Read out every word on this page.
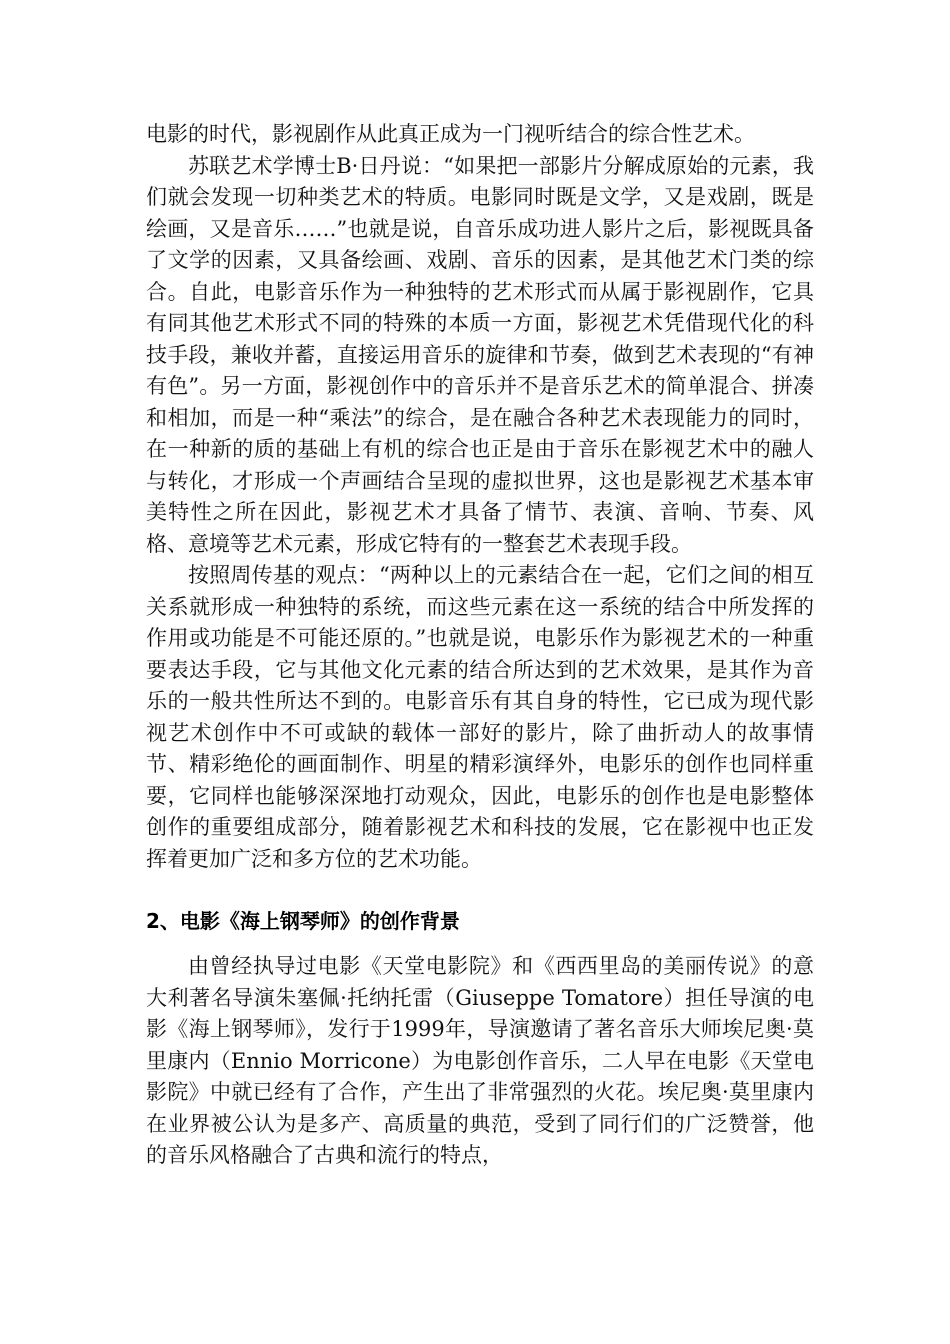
电影的时代，影视剧作从此真正成为一门视听结合的综合性艺术。

苏联艺术学博士B·日丹说：“如果把一部影片分解成原始的元素，我们就会发现一切种类艺术的特质。电影同时既是文学，又是戏剧，既是绘画，又是音乐……”也就是说，自音乐成功进人影片之后，影视既具备了文学的因素，又具备绘画、戏剧、音乐的因素，是其他艺术门类的综合。自此，电影音乐作为一种独特的艺术形式而从属于影视剧作，它具有同其他艺术形式不同的特殊的本质一方面，影视艺术凭借现代化的科技手段，兼收并蓄，直接运用音乐的旋律和节奏，做到艺术表现的“有神有色”。另一方面，影视创作中的音乐并不是音乐艺术的简单混合、拼凑和相加，而是一种“乘法”的综合，是在融合各种艺术表现能力的同时，在一种新的质的基础上有机的综合也正是由于音乐在影视艺术中的融人与转化，才形成一个声画结合呈现的虚拟世界，这也是影视艺术基本审美特性之所在因此，影视艺术才具备了情节、表演、音响、节奏、风格、意境等艺术元素，形成它特有的一整套艺术表现手段。

按照周传基的观点：“两种以上的元素结合在一起，它们之间的相互关系就形成一种独特的系统，而这些元素在这一系统的结合中所发挥的作用或功能是不可能还原的。”也就是说，电影乐作为影视艺术的一种重要表达手段，它与其他文化元素的结合所达到的艺术效果，是其作为音乐的一般共性所达不到的。电影音乐有其自身的特性，它已成为现代影视艺术创作中不可或缺的载体一部好的影片，除了曲折动人的故事情节、精彩绝伦的画面制作、明星的精彩演绎外，电影乐的创作也同样重要，它同样也能够深深地打动观众，因此，电影乐的创作也是电影整体创作的重要组成部分，随着影视艺术和科技的发展，它在影视中也正发挥着更加广泛和多方位的艺术功能。

2、电影《海上钢琴师》的创作背景

由曾经执导过电影《天堂电影院》和《西西里岛的美丽传说》的意大利著名导演朱塞佩·托纳托雷（Giuseppe Tomatore）担任导演的电影《海上钢琴师》，发行于1999年，导演邀请了著名音乐大师埃尼奥·莫里康内（Ennio Morricone）为电影创作音乐，二人早在电影《天堂电影院》中就已经有了合作，产生出了非常强烈的火花。埃尼奥·莫里康内在业界被公认为是多产、高质量的典范，受到了同行们的广泛赞誉，他的音乐风格融合了古典和流行的特点，
